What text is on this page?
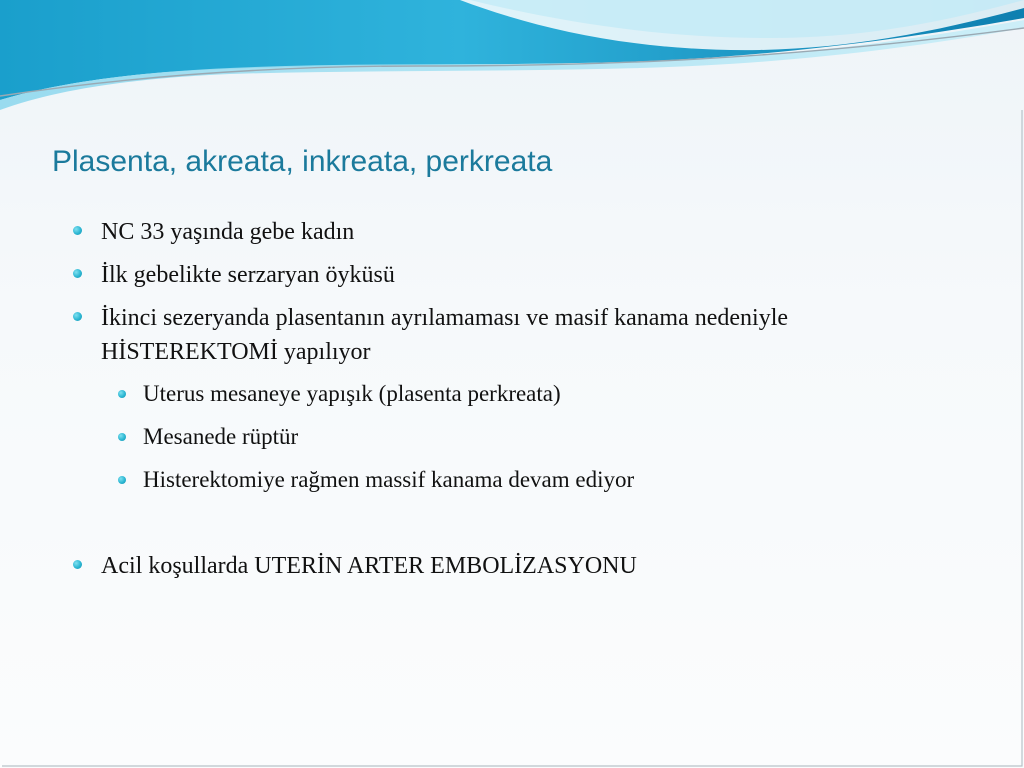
Plasenta, akreata, inkreata, perkreata
NC 33 yaşında gebe kadın
İlk gebelikte serzaryan öyküsü
İkinci sezeryanda plasentanın ayrılamaması ve masif kanama nedeniyle
HİSTEREKTOMİ yapılıyor
Uterus mesaneye yapışık (plasenta perkreata)
Mesanede rüptür
Histerektomiye rağmen massif kanama devam ediyor
Acil koşullarda UTERİN ARTER EMBOLİZASYONU
